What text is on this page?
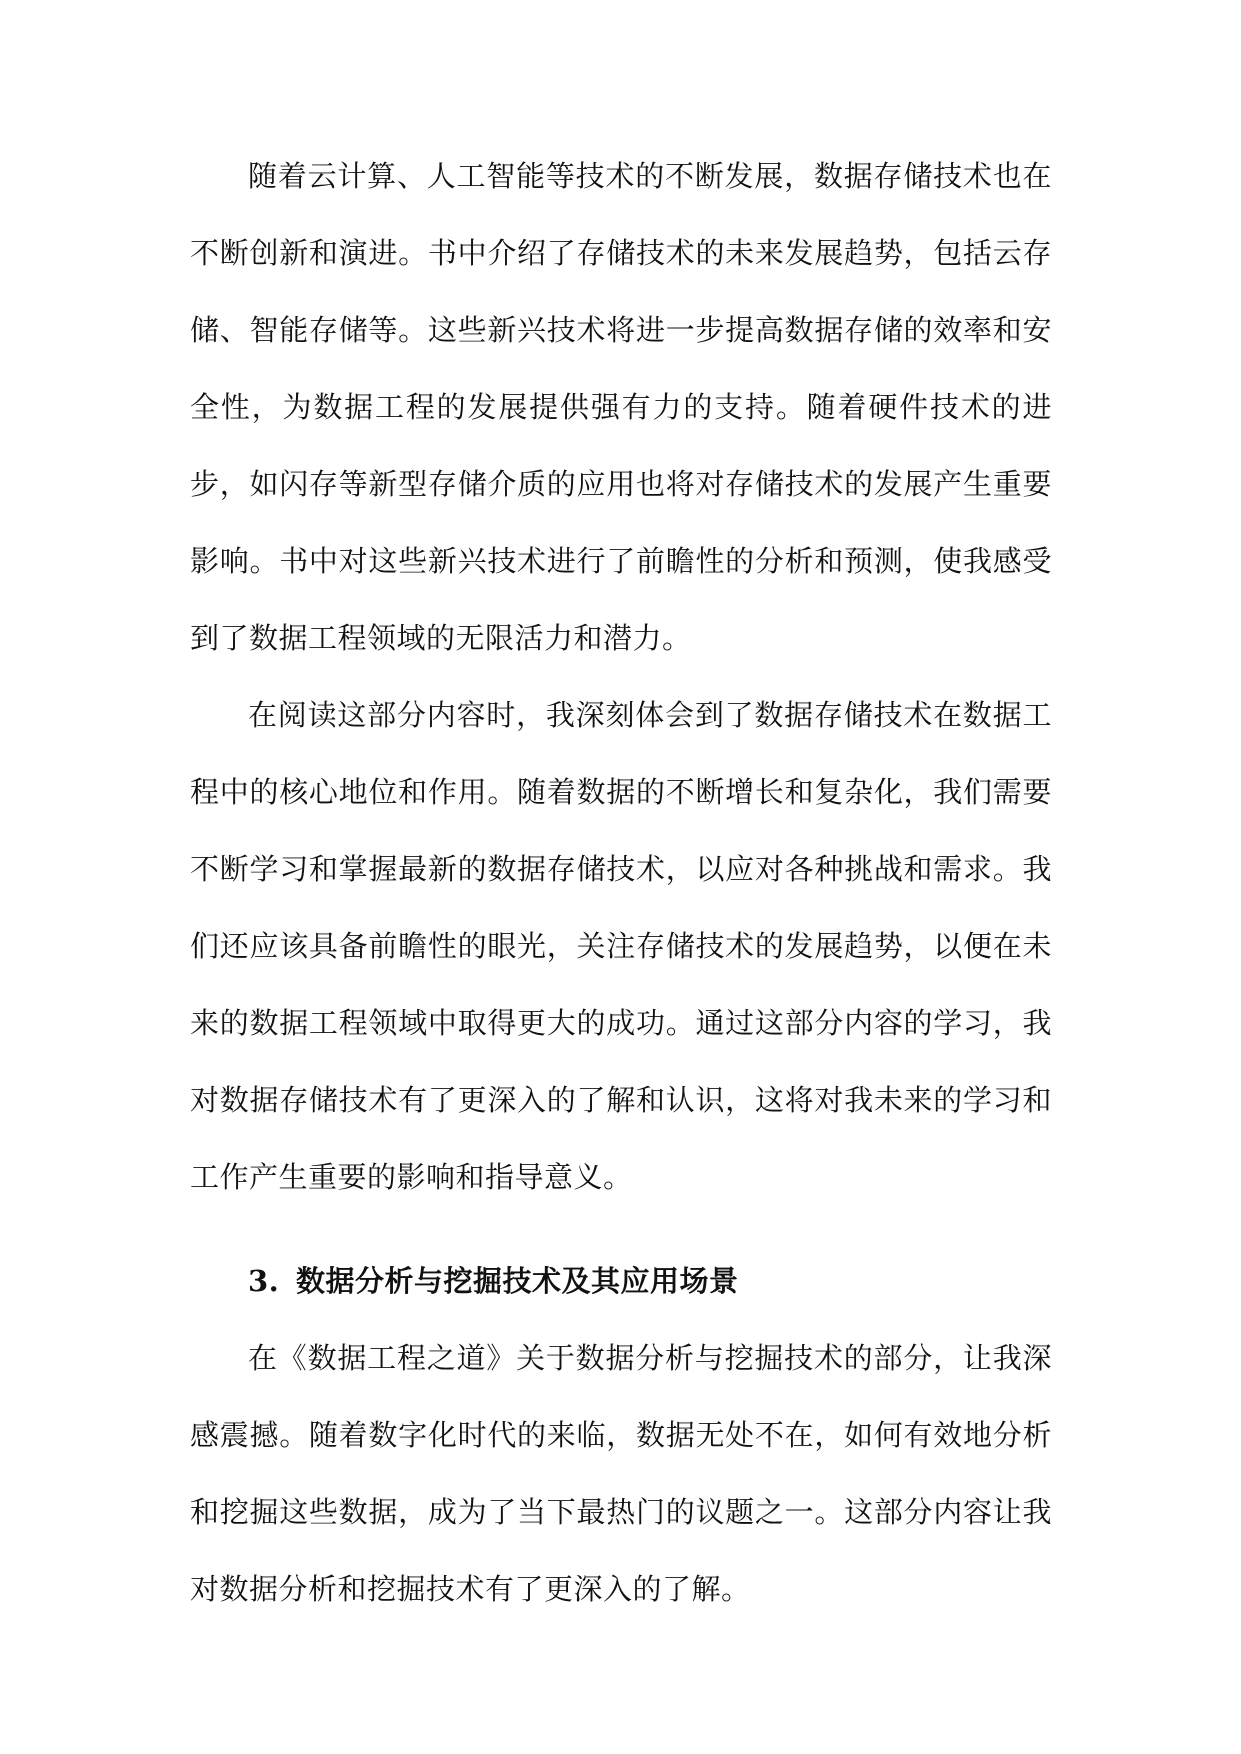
随着云计算、人工智能等技术的不断发展，数据存储技术也在不断创新和演进。书中介绍了存储技术的未来发展趋势，包括云存储、智能存储等。这些新兴技术将进一步提高数据存储的效率和安全性，为数据工程的发展提供强有力的支持。随着硬件技术的进步，如闪存等新型存储介质的应用也将对存储技术的发展产生重要影响。书中对这些新兴技术进行了前瞻性的分析和预测，使我感受到了数据工程领域的无限活力和潜力。

在阅读这部分内容时，我深刻体会到了数据存储技术在数据工程中的核心地位和作用。随着数据的不断增长和复杂化，我们需要不断学习和掌握最新的数据存储技术，以应对各种挑战和需求。我们还应该具备前瞻性的眼光，关注存储技术的发展趋势，以便在未来的数据工程领域中取得更大的成功。通过这部分内容的学习，我对数据存储技术有了更深入的了解和认识，这将对我未来的学习和工作产生重要的影响和指导意义。

3. 数据分析与挖掘技术及其应用场景

在《数据工程之道》关于数据分析与挖掘技术的部分，让我深感震撼。随着数字化时代的来临，数据无处不在，如何有效地分析和挖掘这些数据，成为了当下最热门的议题之一。这部分内容让我对数据分析和挖掘技术有了更深入的了解。
